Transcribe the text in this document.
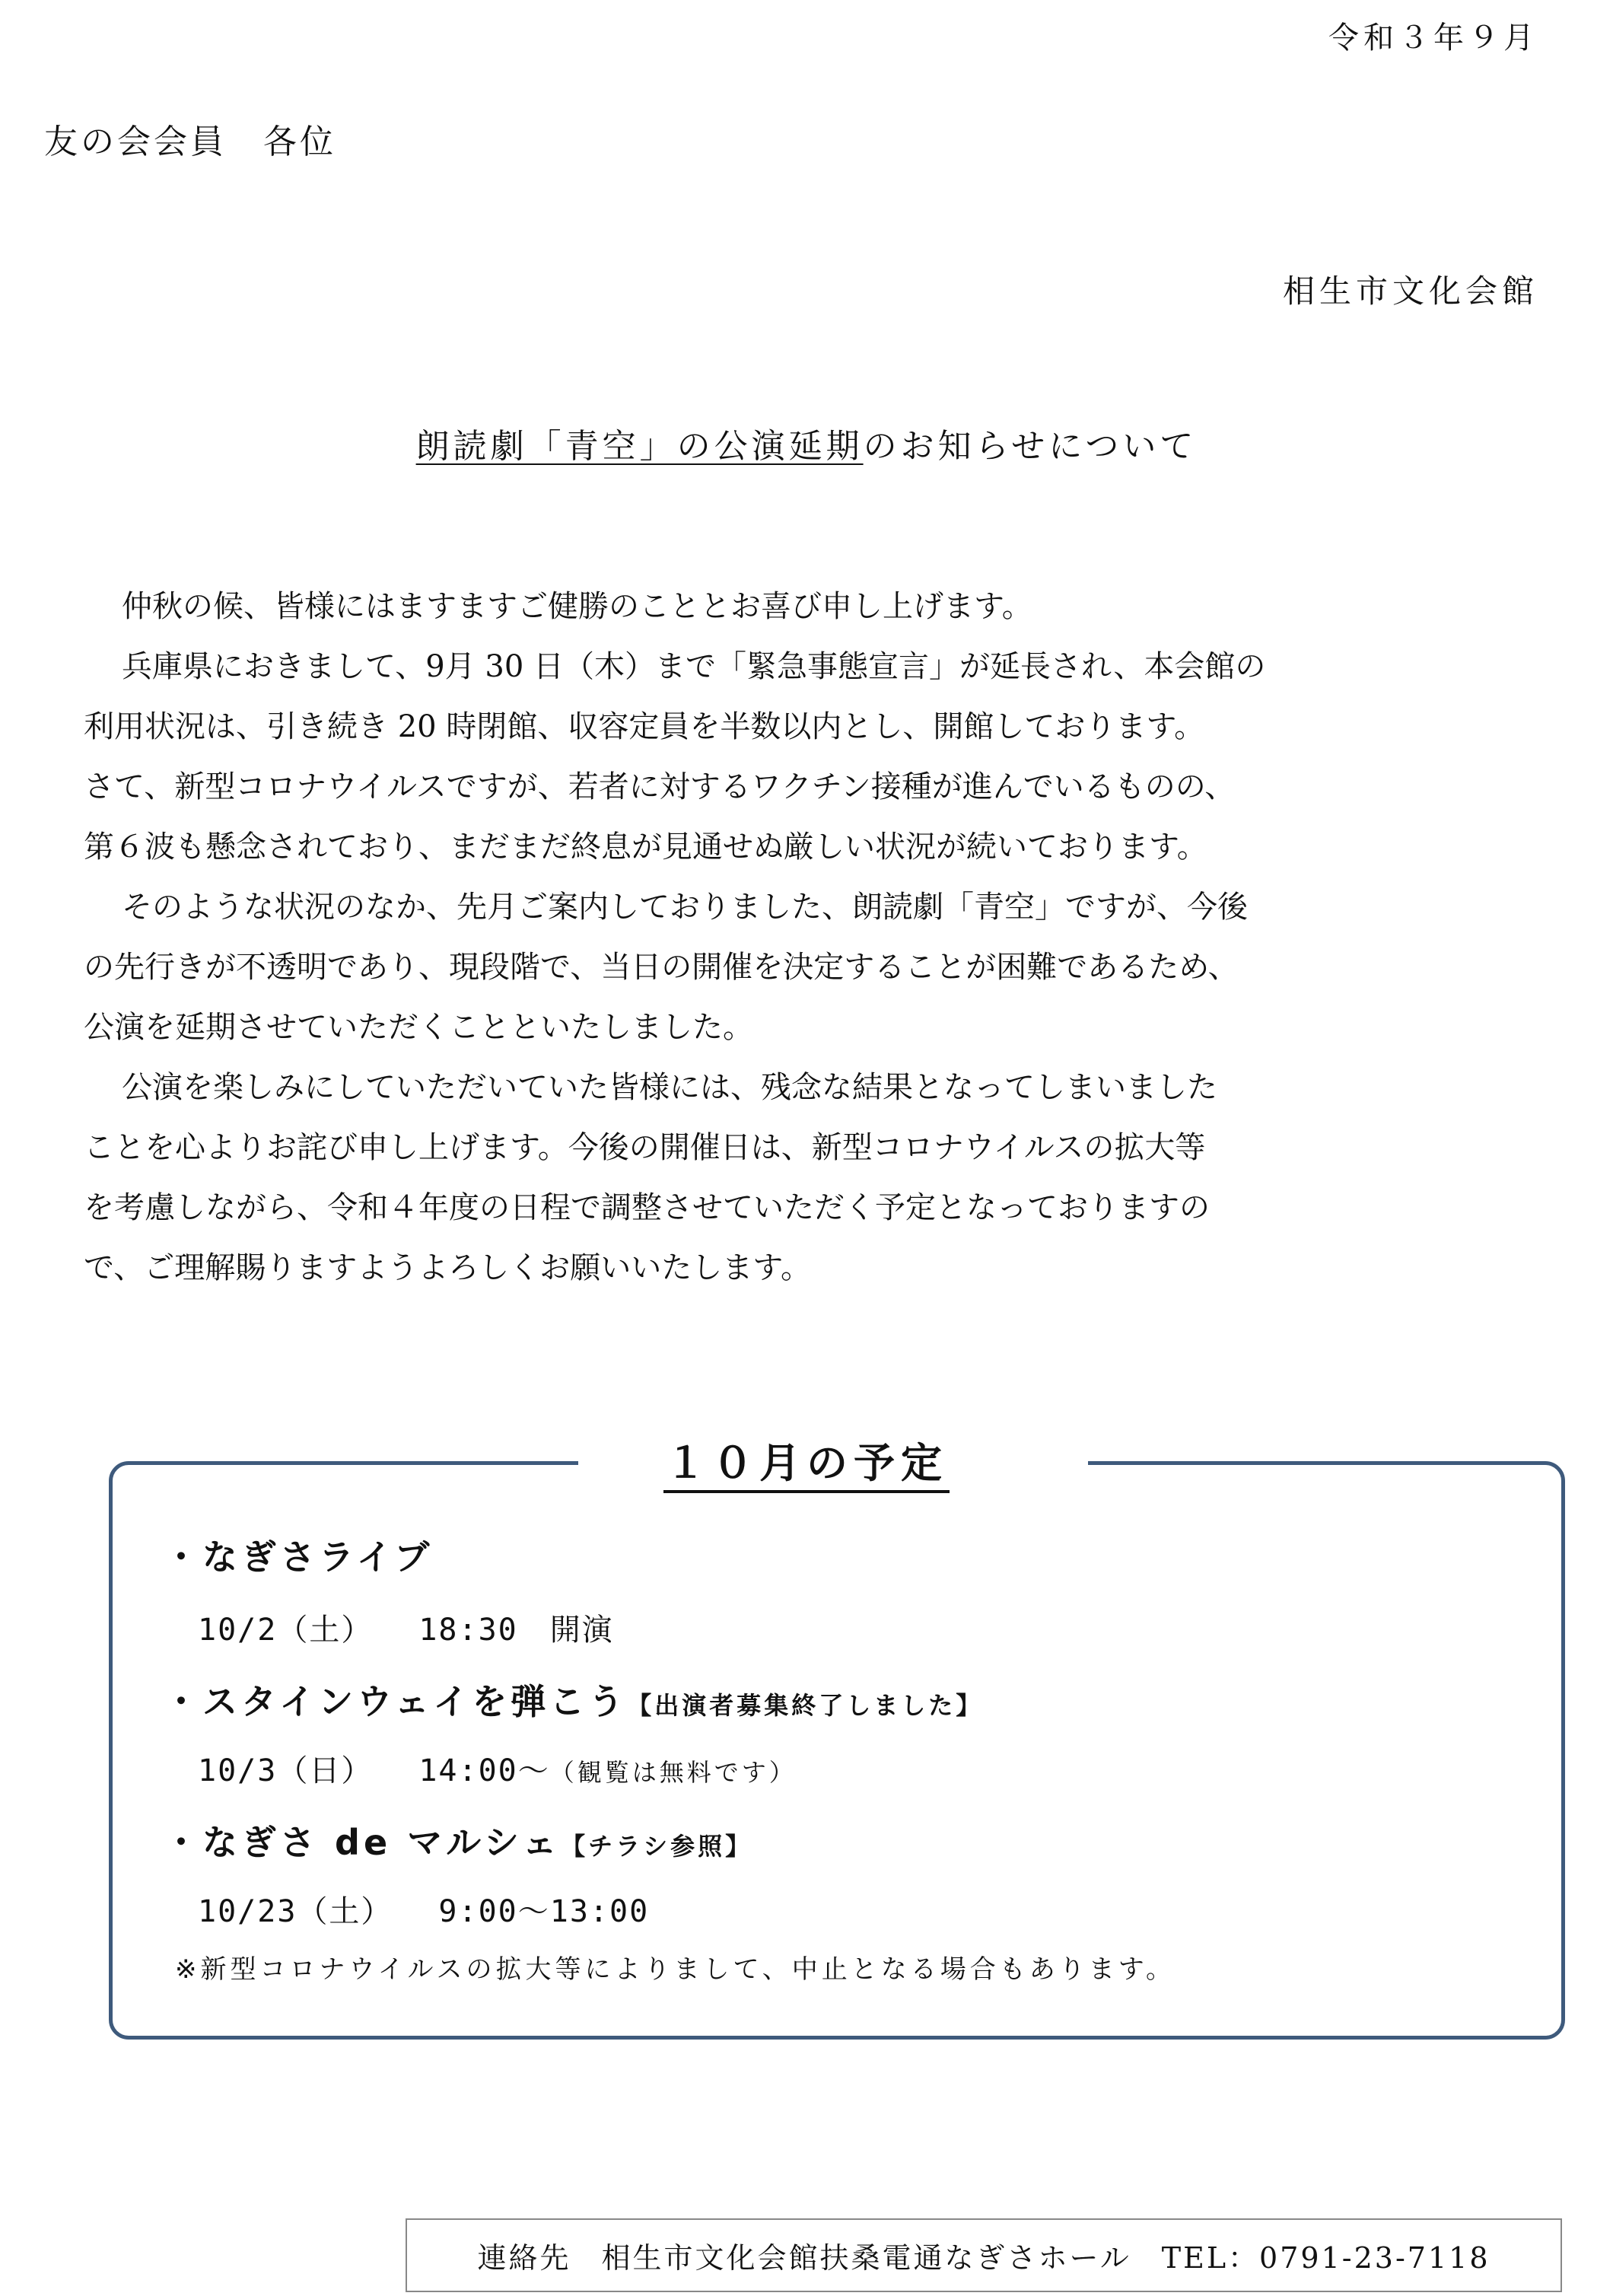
令和３年９月
友の会会員　各位
相生市文化会館
朗読劇「青空」の公演延期のお知らせについて
仲秋の候、皆様にはますますご健勝のこととお喜び申し上げます。
兵庫県におきまして、9月 30 日（木）まで「緊急事態宣言」が延長され、本会館の
利用状況は、引き続き 20 時閉館、収容定員を半数以内とし、開館しております。
さて、新型コロナウイルスですが、若者に対するワクチン接種が進んでいるものの、
第６波も懸念されており、まだまだ終息が見通せぬ厳しい状況が続いております。
そのような状況のなか、先月ご案内しておりました、朗読劇「青空」ですが、今後
の先行きが不透明であり、現段階で、当日の開催を決定することが困難であるため、
公演を延期させていただくことといたしました。
公演を楽しみにしていただいていた皆様には、残念な結果となってしまいました
ことを心よりお詫び申し上げます。今後の開催日は、新型コロナウイルスの拡大等
を考慮しながら、令和４年度の日程で調整させていただく予定となっておりますの
で、ご理解賜りますようよろしくお願いいたします。
１０月の予定
・なぎさライブ
10/2（土） 18:30　開演
・スタインウェイを弾こう【出演者募集終了しました】
10/3（日） 14:00～（観覧は無料です）
・なぎさ de マルシェ【チラシ参照】
10/23（土） 9:00～13:00
※新型コロナウイルスの拡大等によりまして、中止となる場合もあります。
連絡先 相生市文化会館扶桑電通なぎさホール TEL：0791-23-7118
